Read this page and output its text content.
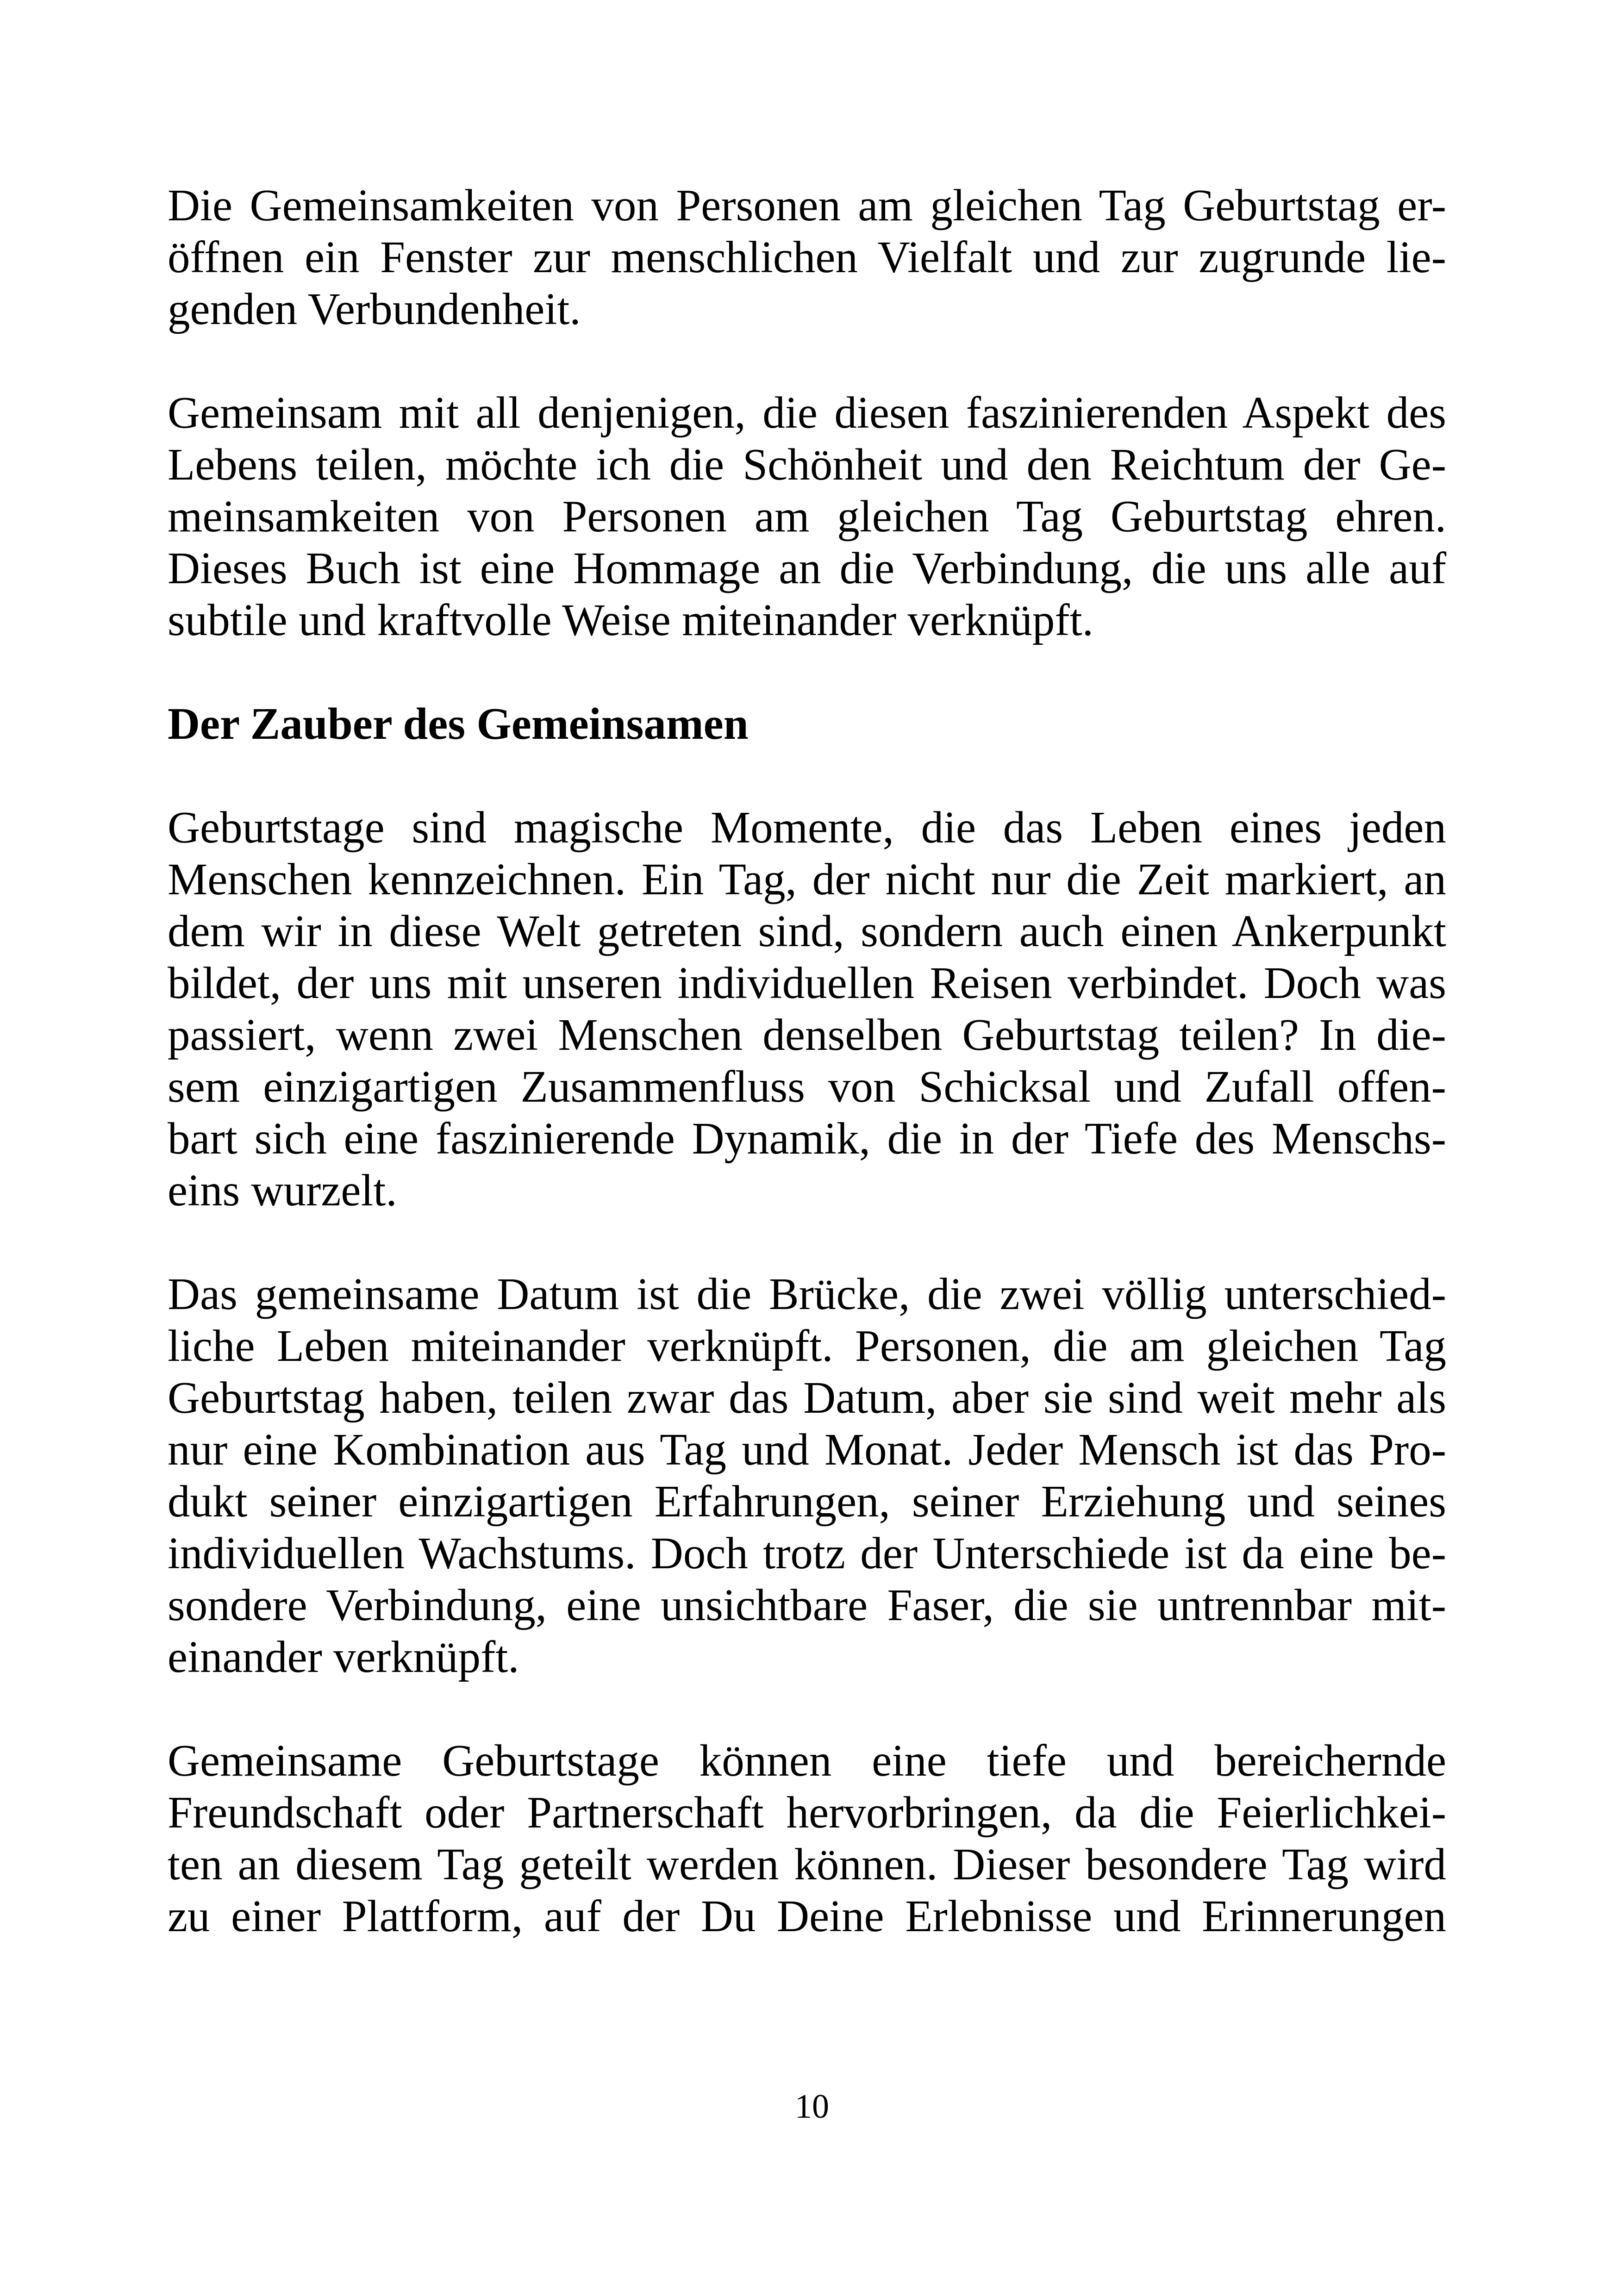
Die Gemeinsamkeiten von Personen am gleichen Tag Geburtstag er-
öffnen ein Fenster zur menschlichen Vielfalt und zur zugrunde lie-
genden Verbundenheit.
Gemeinsam mit all denjenigen, die diesen faszinierenden Aspekt des
Lebens teilen, möchte ich die Schönheit und den Reichtum der Ge-
meinsamkeiten von Personen am gleichen Tag Geburtstag ehren.
Dieses Buch ist eine Hommage an die Verbindung, die uns alle auf
subtile und kraftvolle Weise miteinander verknüpft.
Der Zauber des Gemeinsamen
Geburtstage sind magische Momente, die das Leben eines jeden
Menschen kennzeichnen. Ein Tag, der nicht nur die Zeit markiert, an
dem wir in diese Welt getreten sind, sondern auch einen Ankerpunkt
bildet, der uns mit unseren individuellen Reisen verbindet. Doch was
passiert, wenn zwei Menschen denselben Geburtstag teilen? In die-
sem einzigartigen Zusammenfluss von Schicksal und Zufall offen-
bart sich eine faszinierende Dynamik, die in der Tiefe des Menschs-
eins wurzelt.
Das gemeinsame Datum ist die Brücke, die zwei völlig unterschied-
liche Leben miteinander verknüpft. Personen, die am gleichen Tag
Geburtstag haben, teilen zwar das Datum, aber sie sind weit mehr als
nur eine Kombination aus Tag und Monat. Jeder Mensch ist das Pro-
dukt seiner einzigartigen Erfahrungen, seiner Erziehung und seines
individuellen Wachstums. Doch trotz der Unterschiede ist da eine be-
sondere Verbindung, eine unsichtbare Faser, die sie untrennbar mit-
einander verknüpft.
Gemeinsame Geburtstage können eine tiefe und bereichernde
Freundschaft oder Partnerschaft hervorbringen, da die Feierlichkei-
ten an diesem Tag geteilt werden können. Dieser besondere Tag wird
zu einer Plattform, auf der Du Deine Erlebnisse und Erinnerungen
10
